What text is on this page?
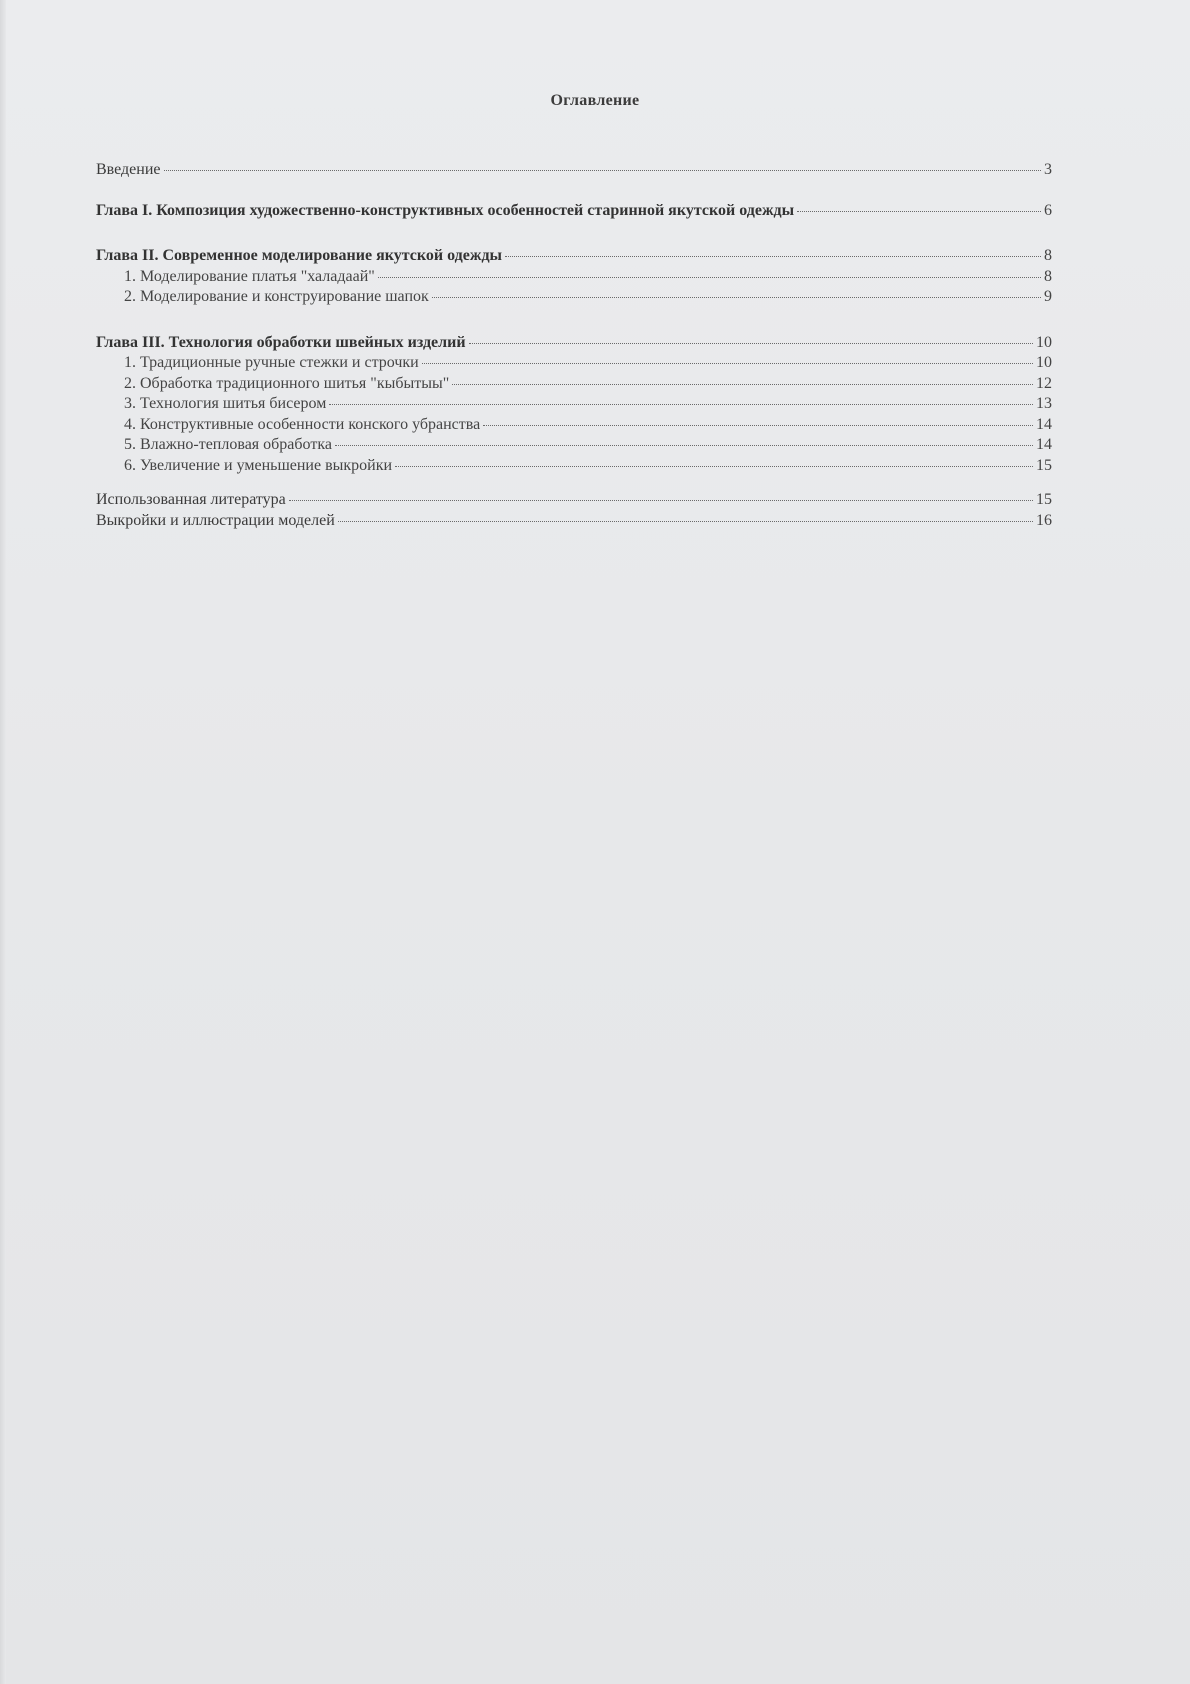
Оглавление
Введение	3
Глава I. Композиция художественно-конструктивных особенностей старинной якутской одежды	6
Глава II. Современное моделирование якутской одежды	8
1. Моделирование платья "халадаай"	8
2. Моделирование и конструирование шапок	9
Глава III. Технология обработки швейных изделий	10
1. Традиционные ручные стежки и строчки	10
2. Обработка традиционного шитья "кыбытыы"	12
3. Технология шитья бисером	13
4. Конструктивные особенности конского убранства	14
5. Влажно-тепловая обработка	14
6. Увеличение и уменьшение выкройки	15
Использованная литература	15
Выкройки и иллюстрации моделей	16
